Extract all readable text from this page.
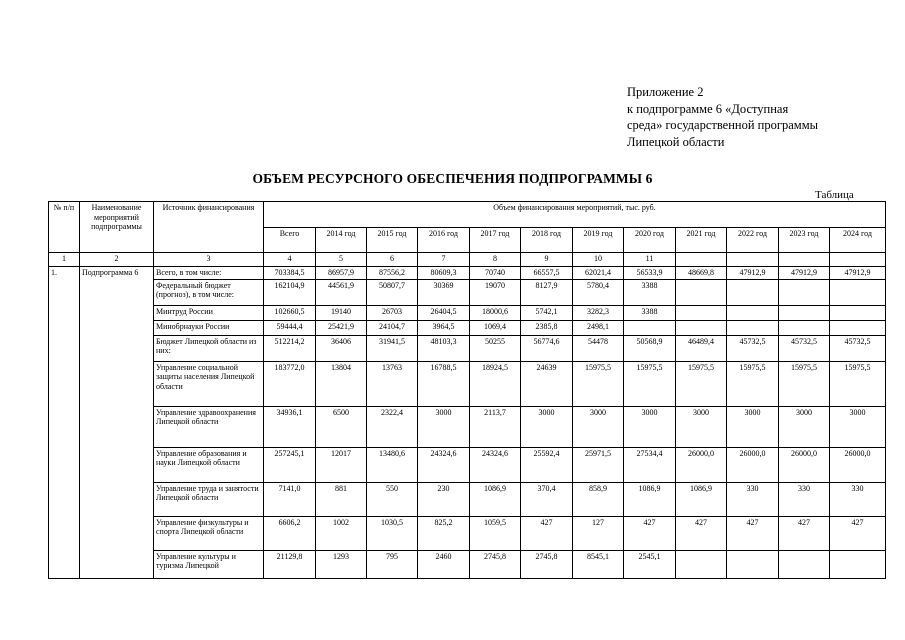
Приложение 2
к подпрограмме 6 «Доступная
среда» государственной программы
Липецкой области
ОБЪЕМ РЕСУРСНОГО ОБЕСПЕЧЕНИЯ ПОДПРОГРАММЫ 6
Таблица
№ п/п	Наименование мероприятий подпрограммы	Источник финансирования	Объем финансирования мероприятий, тыс. руб.											
			Всего	2014 год	2015 год	2016 год	2017 год	2018 год	2019 год	2020 год	2021 год	2022 год	2023 год	2024 год
1	2	3	4	5	6	7	8	9	10	11				
1.	Подпрограмма 6	Всего, в том числе:	703384,5	86957,9	87556,2	80609,3	70740	66557,5	62021,4	56533,9	48669,8	47912,9	47912,9	47912,9
		Федеральный бюджет (прогноз), в том числе:	162104,9	44561,9	50807,7	30369	19070	8127,9	5780,4	3388				
		Минтруд России	102660,5	19140	26703	26404,5	18000,6	5742,1	3282,3	3388				
		Минобрнауки России	59444,4	25421,9	24104,7	3964,5	1069,4	2385,8	2498,1					
		Бюджет Липецкой области из них:	512214,2	36406	31941,5	48103,3	50255	56774,6	54478	50568,9	46489,4	45732,5	45732,5	45732,5
		Управление социальной защиты населения Липецкой области	183772,0	13804	13763	16788,5	18924,5	24639	15975,5	15975,5	15975,5	15975,5	15975,5	15975,5
		Управление здравоохранения Липецкой области	34936,1	6500	2322,4	3000	2113,7	3000	3000	3000	3000	3000	3000	3000
		Управление образования и науки Липецкой области	257245,1	12017	13480,6	24324,6	24324,6	25592,4	25971,5	27534,4	26000,0	26000,0	26000,0	26000,0
		Управление труда и занятости Липецкой области	7141,0	881	550	230	1086,9	370,4	858,9	1086,9	1086,9	330	330	330
		Управление физкультуры и спорта Липецкой области	6606,2	1002	1030,5	825,2	1059,5	427	127	427	427	427	427	427
		Управление культуры и туризма Липецкой	21129,8	1293	795	2460	2745,8	2745,8	8545,1	2545,1				
